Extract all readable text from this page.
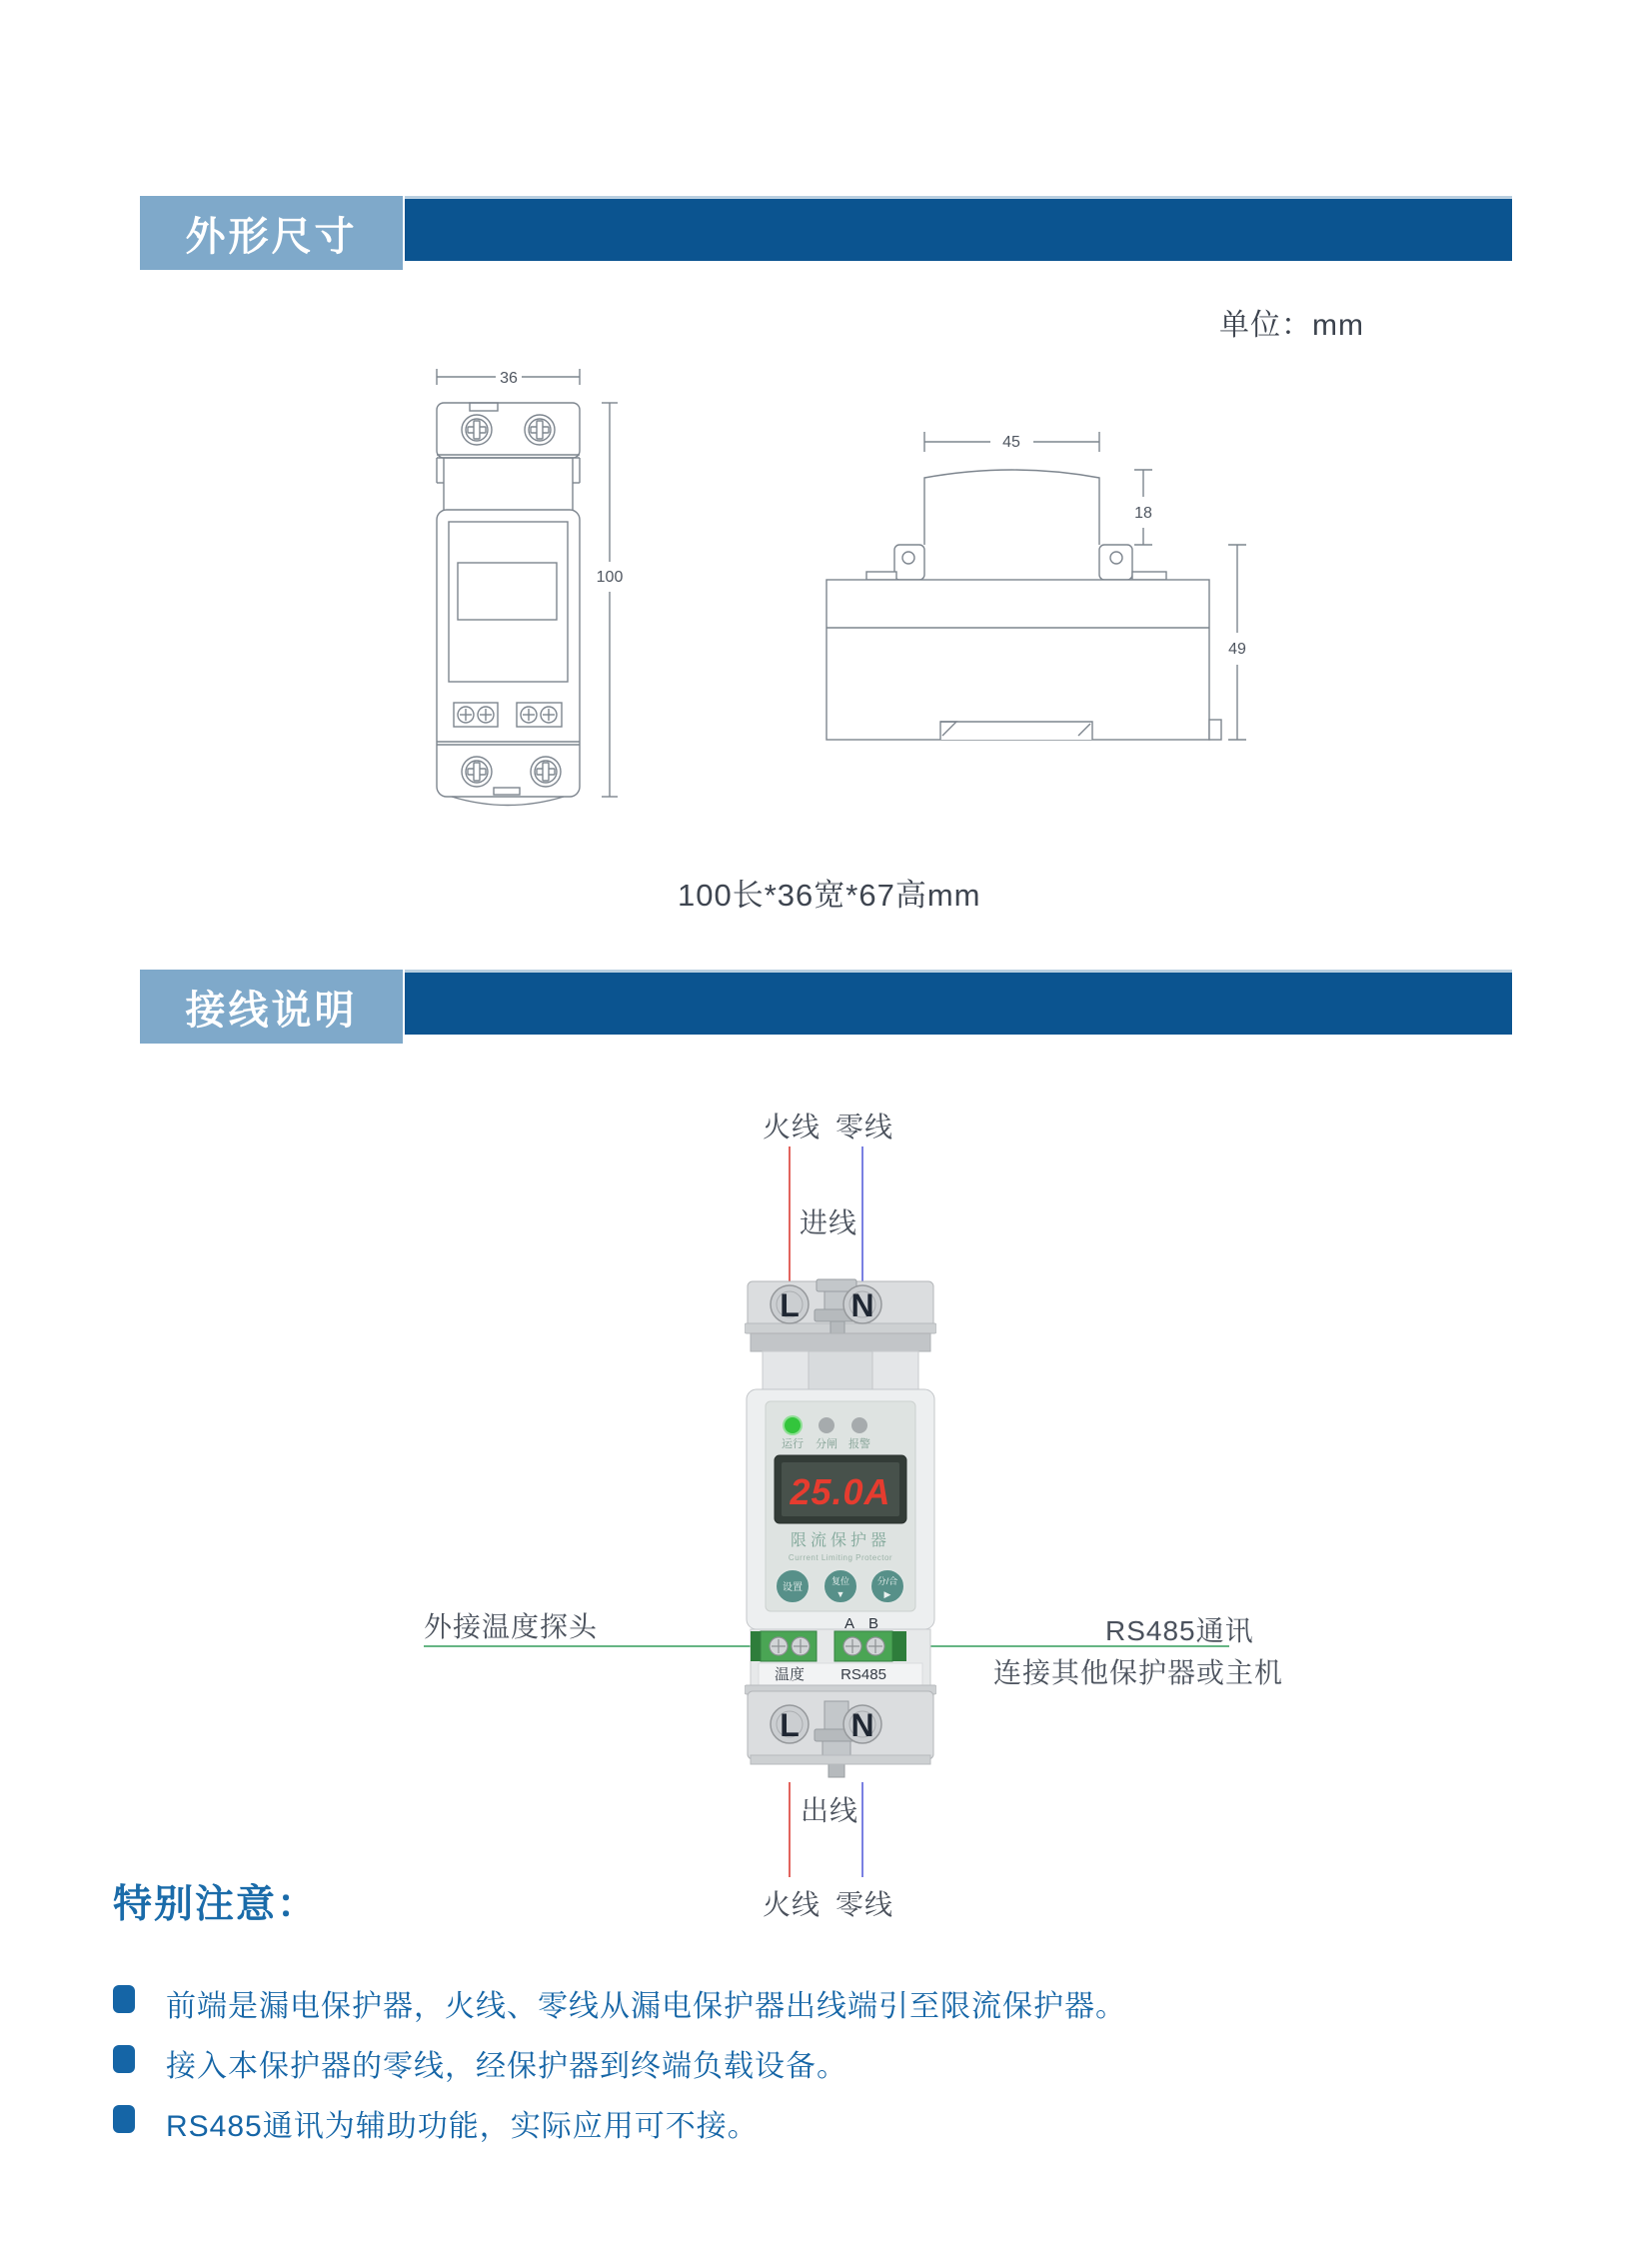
外形尺寸
单位：mm
36
100
45
18
49
100长*36宽*67高mm
接线说明
火线 零线
进线
外接温度探头	RS485通讯
连接其他保护器或主机
L N
运行 分闸 报警
25.0A
限流保护器
Current Limiting Protector
设置
复位
▼
分/合
▶
A B
温度 RS485
L N
出线
火线 零线
特别注意：
前端是漏电保护器，火线、零线从漏电保护器出线端引至限流保护器。
接入本保护器的零线，经保护器到终端负载设备。
RS485通讯为辅助功能，实际应用可不接。
